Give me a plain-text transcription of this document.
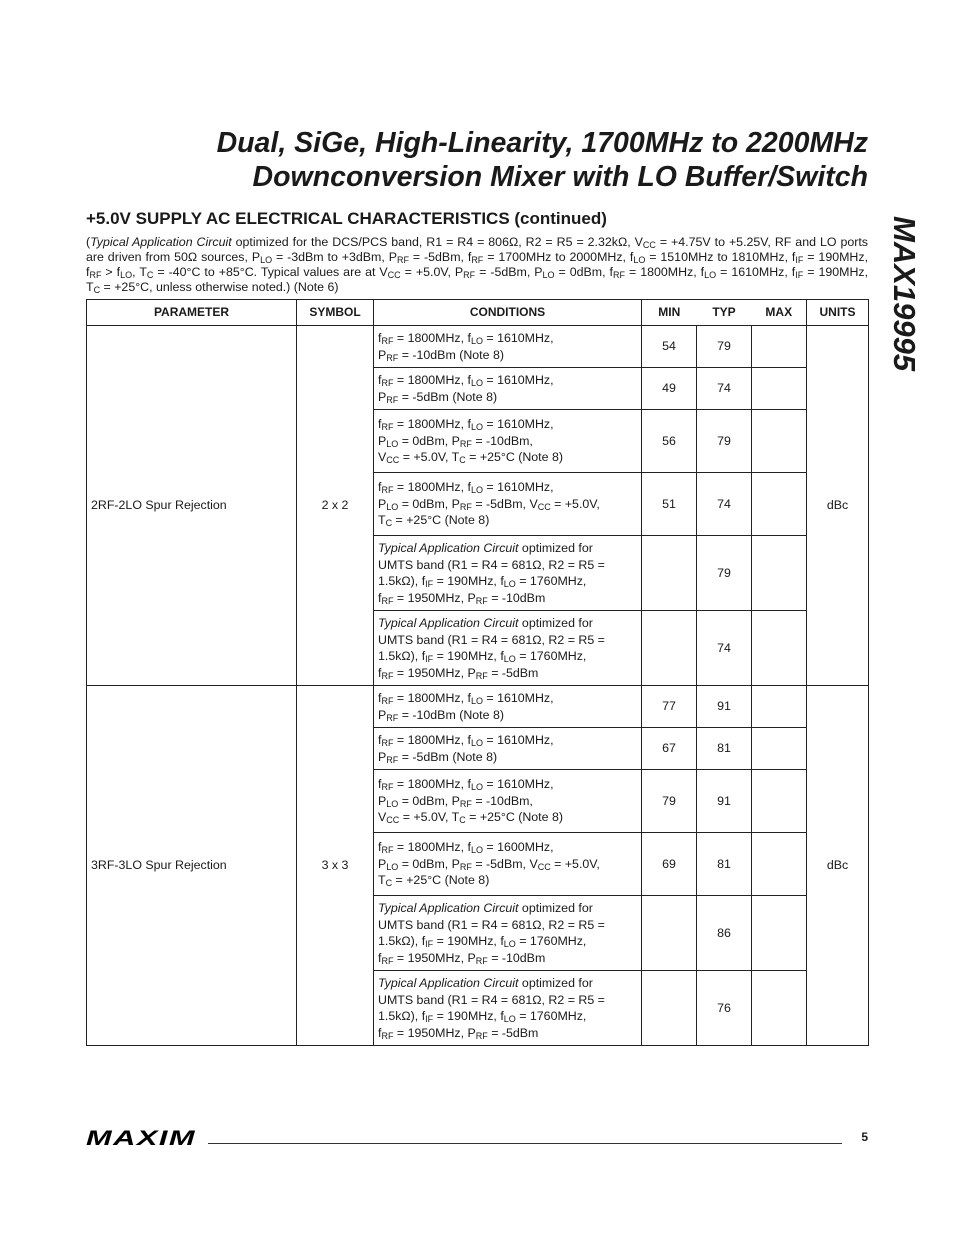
Dual, SiGe, High-Linearity, 1700MHz to 2200MHz
Downconversion Mixer with LO Buffer/Switch
MAX19995
+5.0V SUPPLY AC ELECTRICAL CHARACTERISTICS (continued)

(Typical Application Circuit optimized for the DCS/PCS band, R1 = R4 = 806Ω, R2 = R5 = 2.32kΩ, $V_{CC} = +4.75V$ to +5.25V, RF and LO ports are driven from 50Ω sources, $P_{LO} = -3dBm$ to +3dBm, $P_{RF} = -5dBm$, $f_{RF} = 1700MHz$ to 2000MHz, $f_{LO} = 1510MHz$ to 1810MHz, $f_{IF} = 190MHz$, $f_{RF} > f_{LO}$, $T_C = -40^\circ C$ to +85°C. Typical values are at $V_{CC} = +5.0V$, $P_{RF} = -5dBm$, $P_{LO} = 0dBm$, $f_{RF} = 1800MHz$, $f_{LO} = 1610MHz$, $f_{IF} = 190MHz$, $T_C = +25^\circ C$, unless otherwise noted.) (Note 6)

PARAMETER	SYMBOL	CONDITIONS	MIN	TYP	MAX	UNITS
2RF-2LO Spur Rejection	2 x 2	$f_{RF} = 1800MHz$, $f_{LO} = 1610MHz$,
$P_{RF} = -10dBm$ (Note 8)	54	79		dBc

		$f_{RF} = 1800MHz$, $f_{LO} = 1610MHz$,
$P_{RF} = -5dBm$ (Note 8)	49	74		

		$f_{RF} = 1800MHz$, $f_{LO} = 1610MHz$,
$P_{LO} = 0dBm$, $P_{RF} = -10dBm$,
$V_{CC} = +5.0V$, $T_C = +25^\circ C$ (Note 8)	56	79		

		$f_{RF} = 1800MHz$, $f_{LO} = 1610MHz$,
$P_{LO} = 0dBm$, $P_{RF} = -5dBm$, $V_{CC} = +5.0V$,
$T_C = +25^\circ C$ (Note 8)	51	74		

		Typical Application Circuit optimized for
UMTS band (R1 = R4 = 681Ω, R2 = R5 =
1.5kΩ), $f_{IF} = 190MHz$, $f_{LO} = 1760MHz$,
$f_{RF} = 1950MHz$, $P_{RF} = -10dBm$		79		

		Typical Application Circuit optimized for
UMTS band (R1 = R4 = 681Ω, R2 = R5 =
1.5kΩ), $f_{IF} = 190MHz$, $f_{LO} = 1760MHz$,
$f_{RF} = 1950MHz$, $P_{RF} = -5dBm$		74		
3RF-3LO Spur Rejection	3 x 3	$f_{RF} = 1800MHz$, $f_{LO} = 1610MHz$,
$P_{RF} = -10dBm$ (Note 8)	77	91		dBc

		$f_{RF} = 1800MHz$, $f_{LO} = 1610MHz$,
$P_{RF} = -5dBm$ (Note 8)	67	81		

		$f_{RF} = 1800MHz$, $f_{LO} = 1610MHz$,
$P_{LO} = 0dBm$, $P_{RF} = -10dBm$,
$V_{CC} = +5.0V$, $T_C = +25^\circ C$ (Note 8)	79	91		

		$f_{RF} = 1800MHz$, $f_{LO} = 1600MHz$,
$P_{LO} = 0dBm$, $P_{RF} = -5dBm$, $V_{CC} = +5.0V$,
$T_C = +25^\circ C$ (Note 8)	69	81		

		Typical Application Circuit optimized for
UMTS band (R1 = R4 = 681Ω, R2 = R5 =
1.5kΩ), $f_{IF} = 190MHz$, $f_{LO} = 1760MHz$,
$f_{RF} = 1950MHz$, $P_{RF} = -10dBm$		86		

		Typical Application Circuit optimized for
UMTS band (R1 = R4 = 681Ω, R2 = R5 =
1.5kΩ), $f_{IF} = 190MHz$, $f_{LO} = 1760MHz$,
$f_{RF} = 1950MHz$, $P_{RF} = -5dBm$		76		
MAXIM	5
